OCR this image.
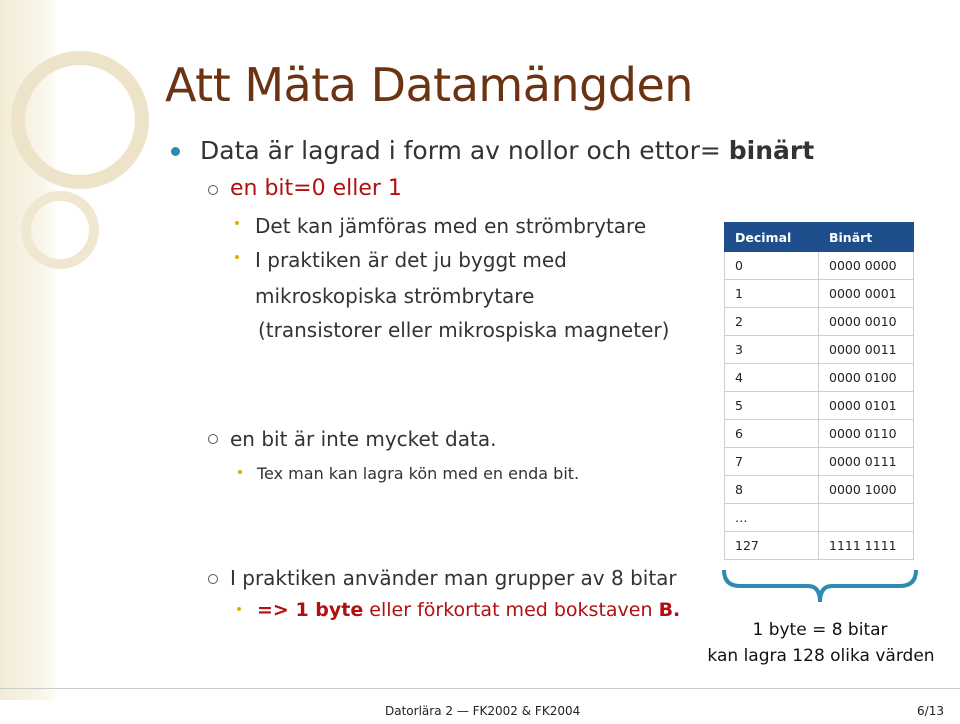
Att Mäta Datamängden
Data är lagrad i form av nollor och ettor= binärt
en bit=0 eller 1
Det kan jämföras med en strömbrytare
I praktiken är det ju byggt med
mikroskopiska strömbrytare
(transistorer eller mikrospiska magneter)
en bit är inte mycket data.
Tex man kan lagra kön med en enda bit.
I praktiken använder man grupper av 8 bitar
=> 1 byte eller förkortat med bokstaven B.
Decimal	Binärt
0	0000 0000
1	0000 0001
2	0000 0010
3	0000 0011
4	0000 0100
5	0000 0101
6	0000 0110
7	0000 0111
8	0000 1000
…	
127	1111 1111
1 byte = 8 bitar
kan lagra 128 olika värden
Datorlära 2 — FK2002 & FK2004	6/13
